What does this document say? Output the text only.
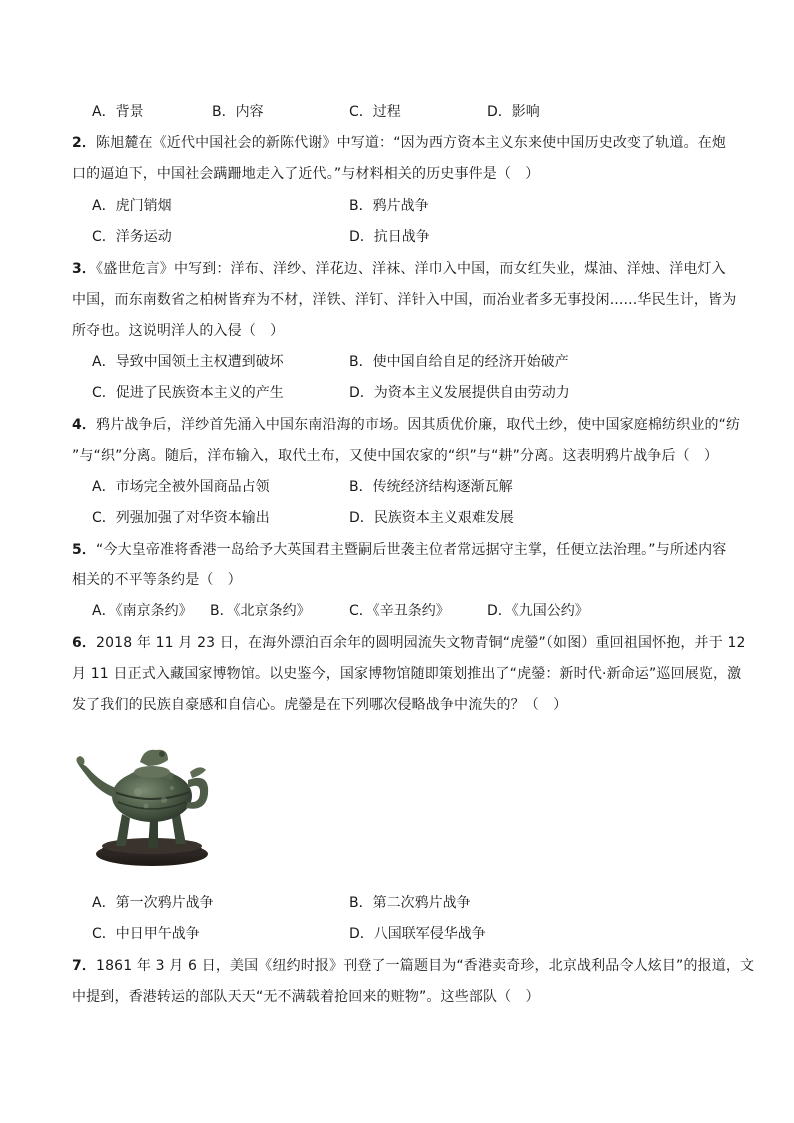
A．背景	B．内容	C．过程	D．影响
2．陈旭麓在《近代中国社会的新陈代谢》中写道：“因为西方资本主义东来使中国历史改变了轨道。在炮
口的逼迫下，中国社会蹒跚地走入了近代。”与材料相关的历史事件是（　）
A．虎门销烟	B．鸦片战争
C．洋务运动	D．抗日战争
3．《盛世危言》中写到：洋布、洋纱、洋花边、洋袜、洋巾入中国，而女红失业，煤油、洋烛、洋电灯入
中国，而东南数省之柏树皆弃为不材，洋铁、洋钉、洋针入中国，而冶业者多无事投闲......华民生计，皆为
所夺也。这说明洋人的入侵（　）
A．导致中国领土主权遭到破坏	B．使中国自给自足的经济开始破产
C．促进了民族资本主义的产生	D．为资本主义发展提供自由劳动力
4．鸦片战争后，洋纱首先涌入中国东南沿海的市场。因其质优价廉，取代土纱，使中国家庭棉纺织业的“纺
”与“织”分离。随后，洋布输入，取代土布，又使中国农家的“织”与“耕”分离。这表明鸦片战争后（　）
A．市场完全被外国商品占领	B．传统经济结构逐渐瓦解
C．列强加强了对华资本输出	D．民族资本主义艰难发展
5．“今大皇帝准将香港一岛给予大英国君主暨嗣后世袭主位者常远据守主掌，任便立法治理。”与所述内容
相关的不平等条约是（　）
A．《南京条约》 B．《北京条约》	C．《辛丑条约》	D．《九国公约》
6．2018 年 11 月 23 日，在海外漂泊百余年的圆明园流失文物青铜“虎鎣”（如图）重回祖国怀抱，并于 12
月 11 日正式入藏国家博物馆。以史鉴今，国家博物馆随即策划推出了“虎鎣：新时代·新命运”巡回展览，激
发了我们的民族自豪感和自信心。虎鎣是在下列哪次侵略战争中流失的？（　）
A．第一次鸦片战争	B．第二次鸦片战争
C．中日甲午战争	D．八国联军侵华战争
7．1861 年 3 月 6 日，美国《纽约时报》刊登了一篇题目为“香港卖奇珍，北京战利品令人炫目”的报道，文
中提到，香港转运的部队天天“无不满载着抢回来的赃物”。这些部队（　）
